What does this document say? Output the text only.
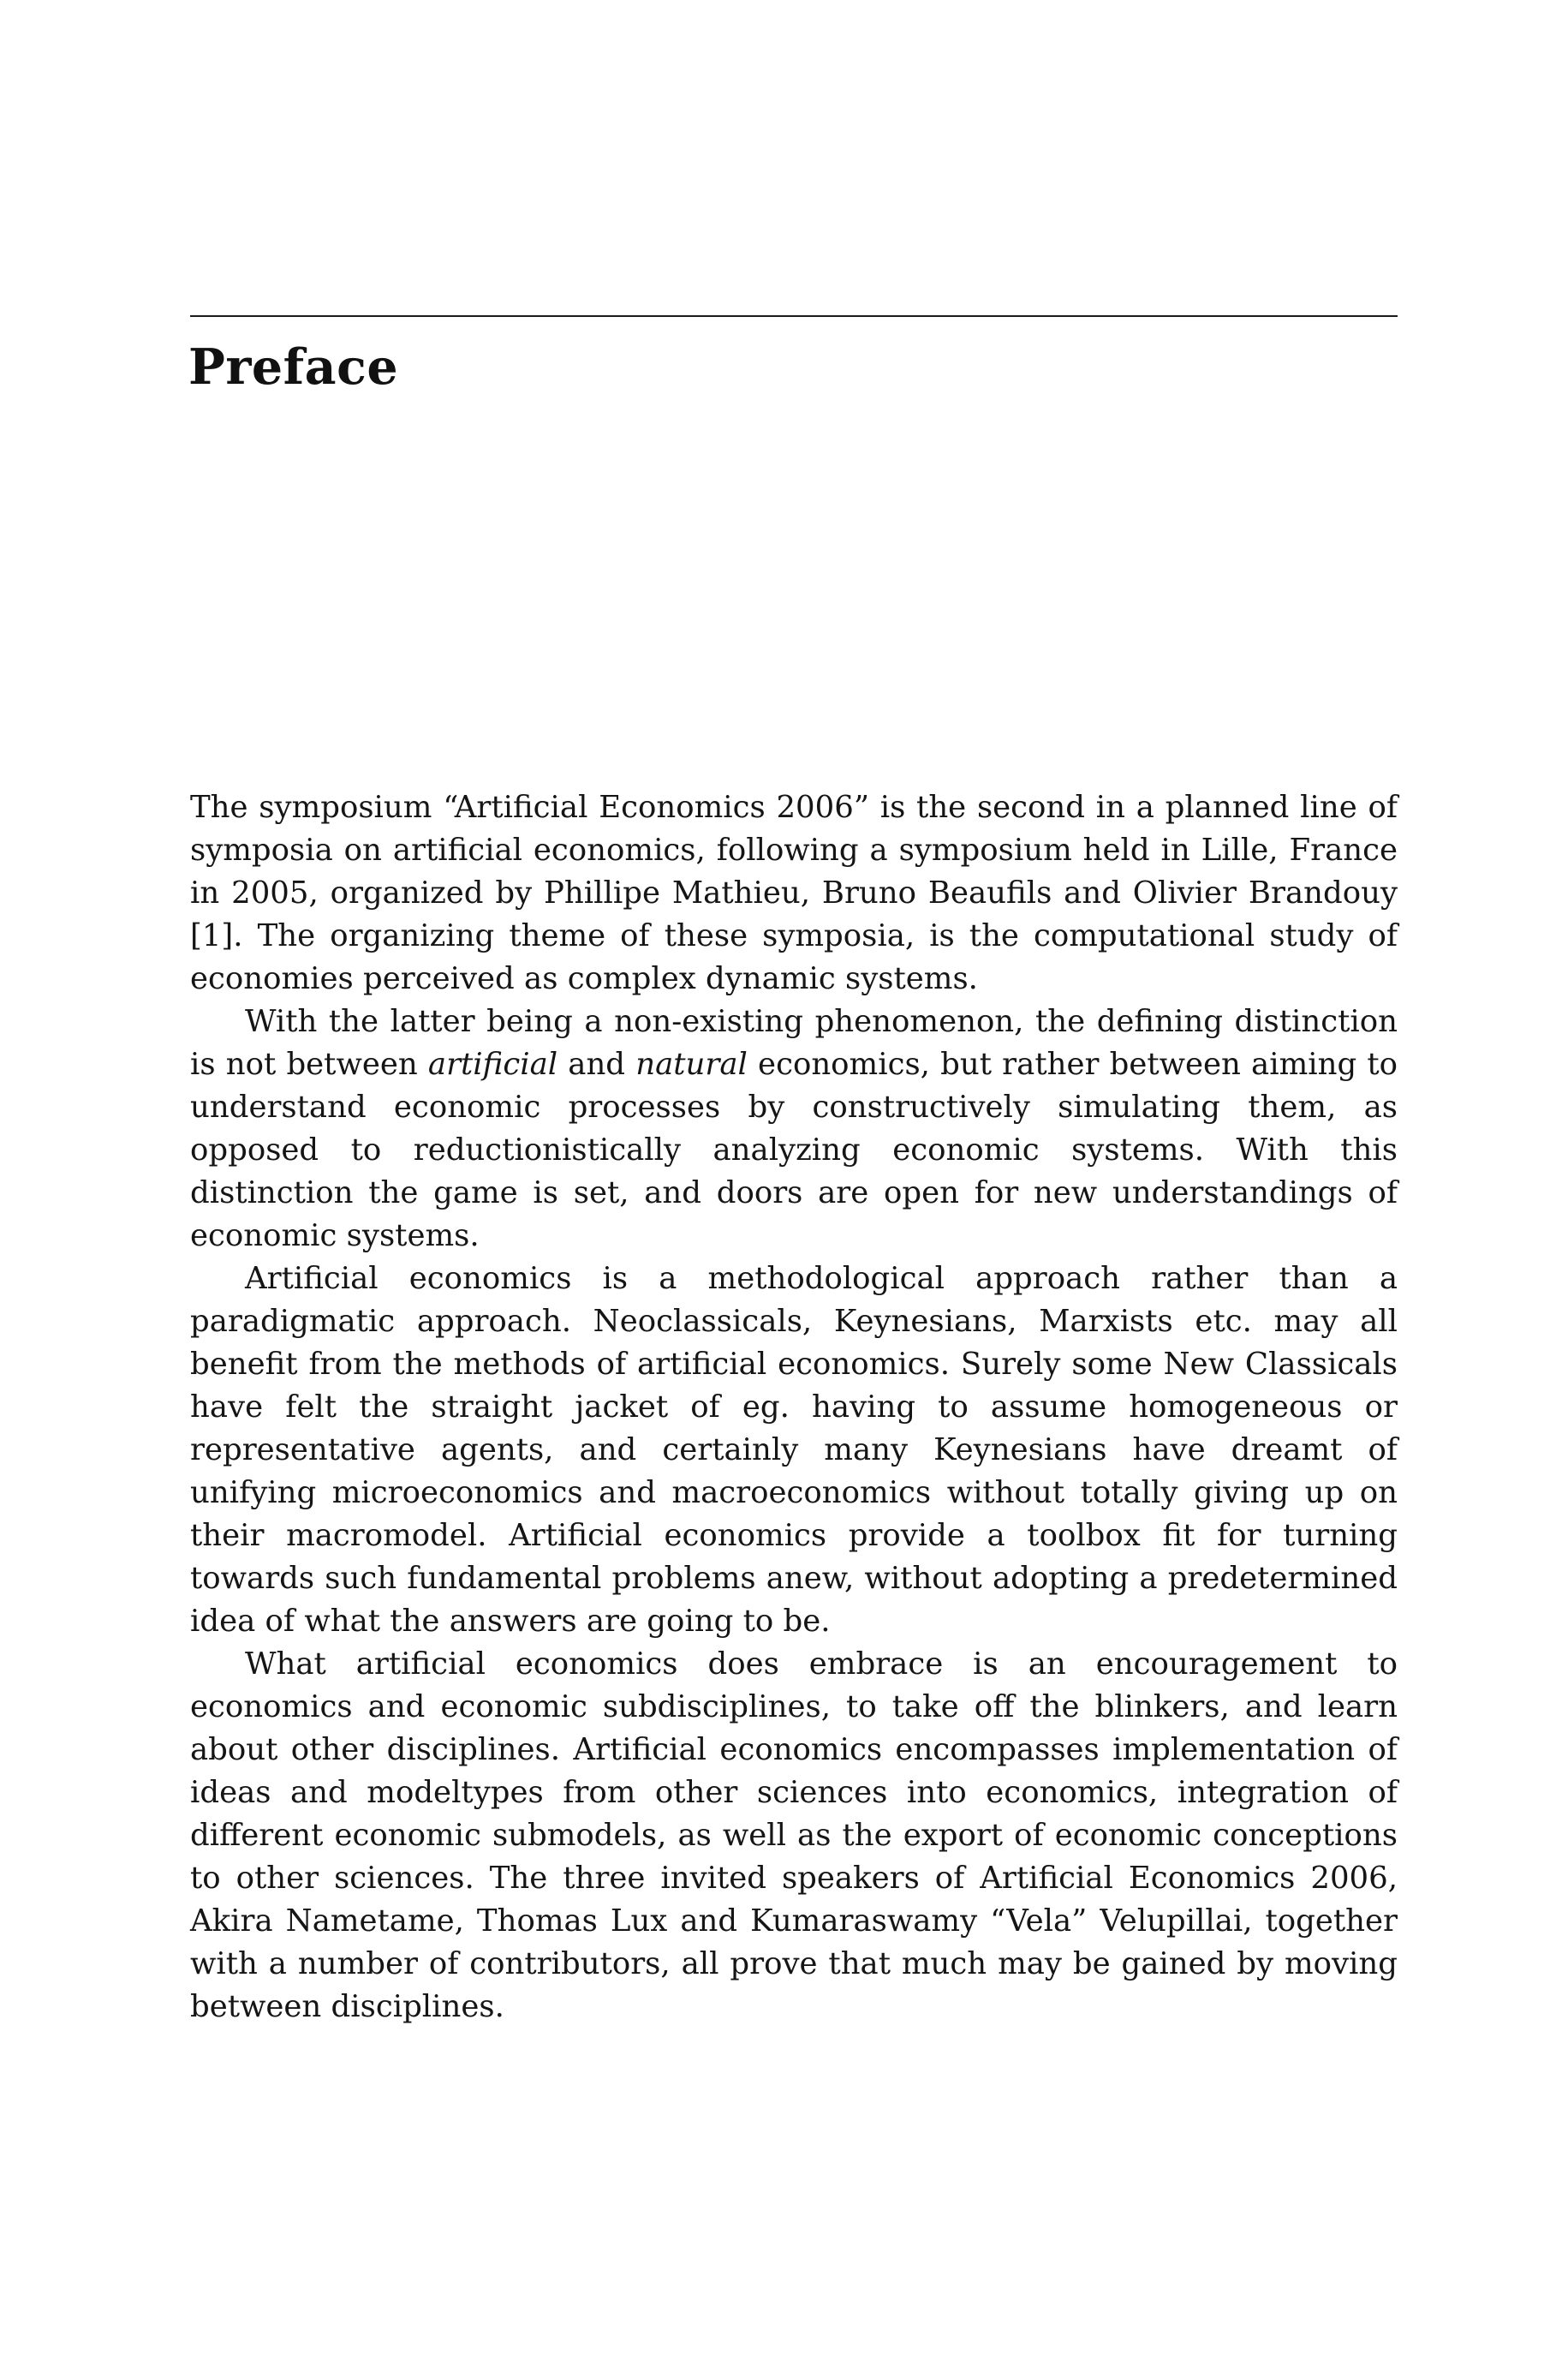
Preface

The symposium “Artificial Economics 2006” is the second in a planned line of symposia on artificial economics, following a symposium held in Lille, France in 2005, organized by Phillipe Mathieu, Bruno Beaufils and Olivier Brandouy [1]. The organizing theme of these symposia, is the computational study of economies perceived as complex dynamic systems.

With the latter being a non-existing phenomenon, the defining distinction is not between artificial and natural economics, but rather between aiming to understand economic processes by constructively simulating them, as opposed to reductionistically analyzing economic systems. With this distinction the game is set, and doors are open for new understandings of economic systems.

Artificial economics is a methodological approach rather than a paradigmatic approach. Neoclassicals, Keynesians, Marxists etc. may all benefit from the methods of artificial economics. Surely some New Classicals have felt the straight jacket of eg. having to assume homogeneous or representative agents, and certainly many Keynesians have dreamt of unifying microeconomics and macroeconomics without totally giving up on their macromodel. Artificial economics provide a toolbox fit for turning towards such fundamental problems anew, without adopting a predetermined idea of what the answers are going to be.

What artificial economics does embrace is an encouragement to economics and economic subdisciplines, to take off the blinkers, and learn about other disciplines. Artificial economics encompasses implementation of ideas and modeltypes from other sciences into economics, integration of different economic submodels, as well as the export of economic conceptions to other sciences. The three invited speakers of Artificial Economics 2006, Akira Nametame, Thomas Lux and Kumaraswamy “Vela” Velupillai, together with a number of contributors, all prove that much may be gained by moving between disciplines.
